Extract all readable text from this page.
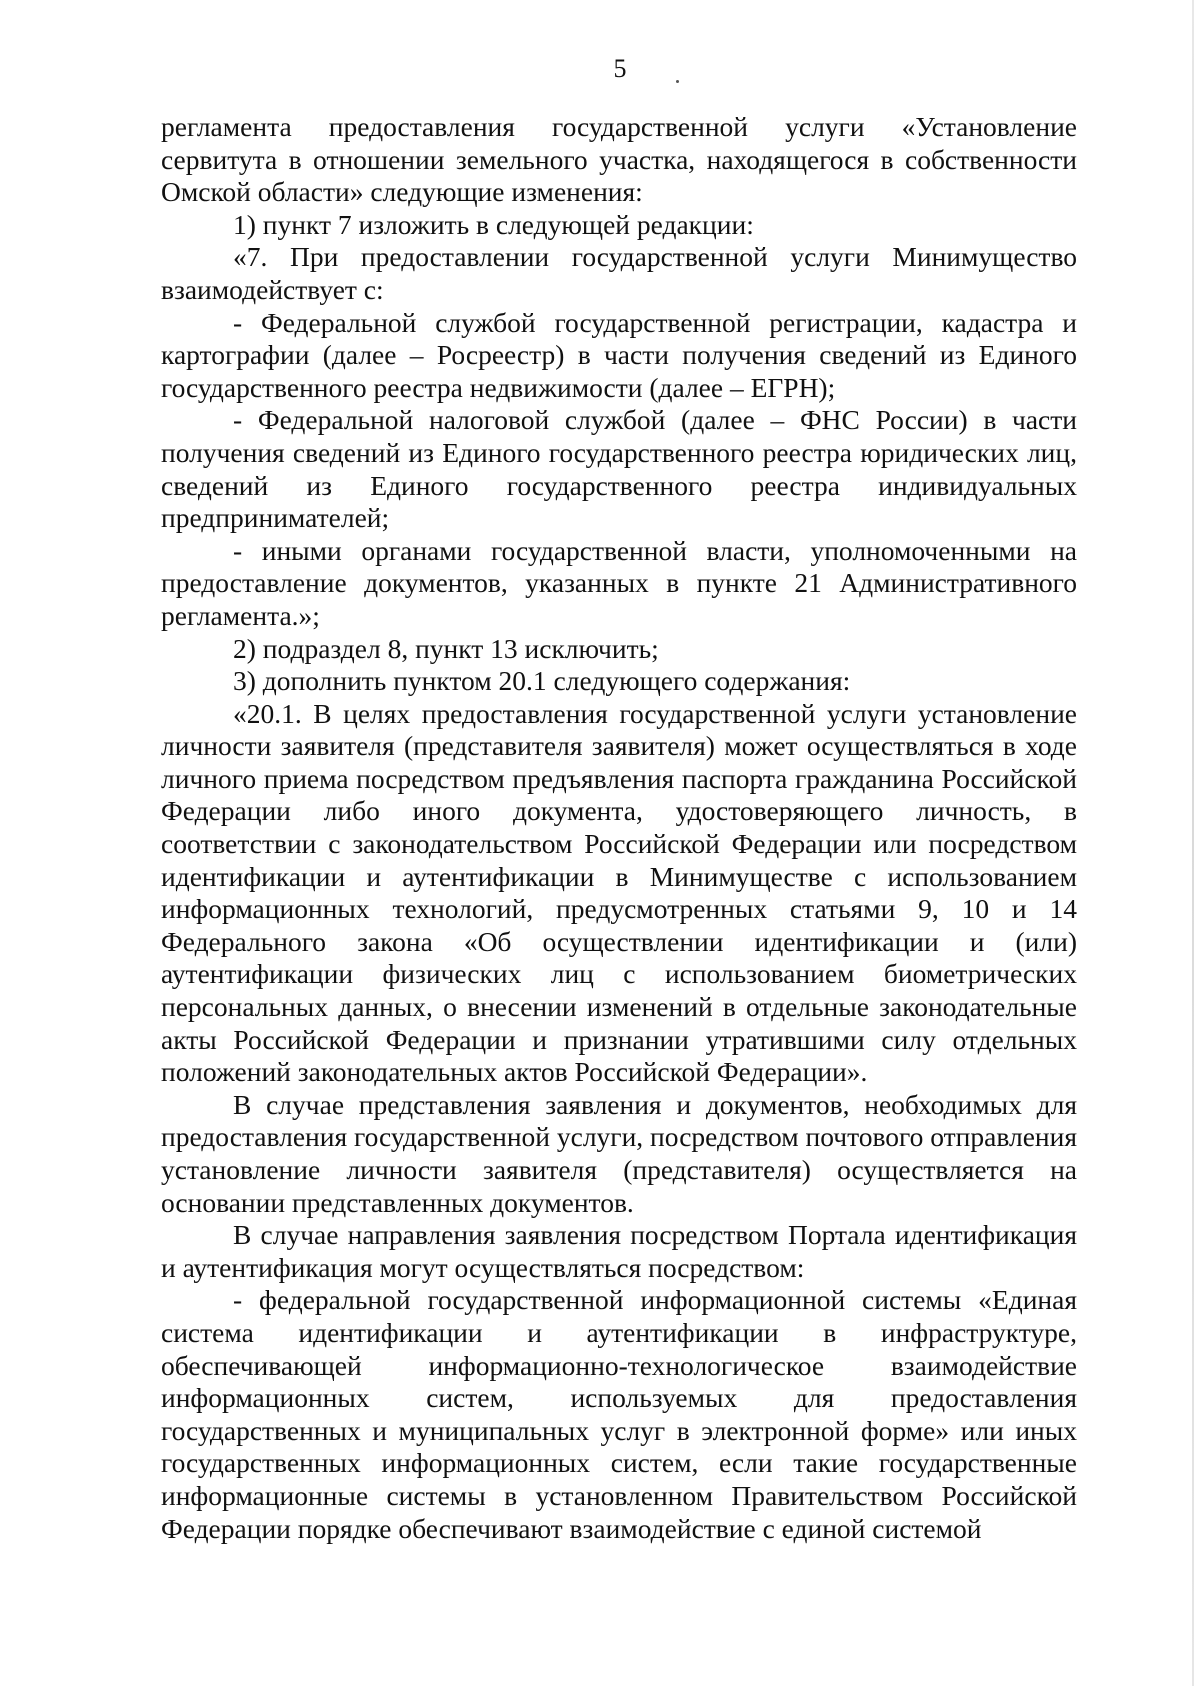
5

регламента предоставления государственной услуги «Установление сервитута в отношении земельного участка, находящегося в собственности Омской области» следующие изменения:

1) пункт 7 изложить в следующей редакции:

«7. При предоставлении государственной услуги Минимущество взаимодействует с:

- Федеральной службой государственной регистрации, кадастра и картографии (далее – Росреестр) в части получения сведений из Единого государственного реестра недвижимости (далее – ЕГРН);

- Федеральной налоговой службой (далее – ФНС России) в части получения сведений из Единого государственного реестра юридических лиц, сведений из Единого государственного реестра индивидуальных предпринимателей;

- иными органами государственной власти, уполномоченными на предоставление документов, указанных в пункте 21 Административного регламента.»;

2) подраздел 8, пункт 13 исключить;

3) дополнить пунктом 20.1 следующего содержания:

«20.1. В целях предоставления государственной услуги установление личности заявителя (представителя заявителя) может осуществляться в ходе личного приема посредством предъявления паспорта гражданина Российской Федерации либо иного документа, удостоверяющего личность, в соответствии с законодательством Российской Федерации или посредством идентификации и аутентификации в Минимуществе с использованием информационных технологий, предусмотренных статьями 9, 10 и 14 Федерального закона «Об осуществлении идентификации и (или) аутентификации физических лиц с использованием биометрических персональных данных, о внесении изменений в отдельные законодательные акты Российской Федерации и признании утратившими силу отдельных положений законодательных актов Российской Федерации».

В случае представления заявления и документов, необходимых для предоставления государственной услуги, посредством почтового отправления установление личности заявителя (представителя) осуществляется на основании представленных документов.

В случае направления заявления посредством Портала идентификация и аутентификация могут осуществляться посредством:

- федеральной государственной информационной системы «Единая система идентификации и аутентификации в инфраструктуре, обеспечивающей информационно-технологическое взаимодействие информационных систем, используемых для предоставления государственных и муниципальных услуг в электронной форме» или иных государственных информационных систем, если такие государственные информационные системы в установленном Правительством Российской Федерации порядке обеспечивают взаимодействие с единой системой
